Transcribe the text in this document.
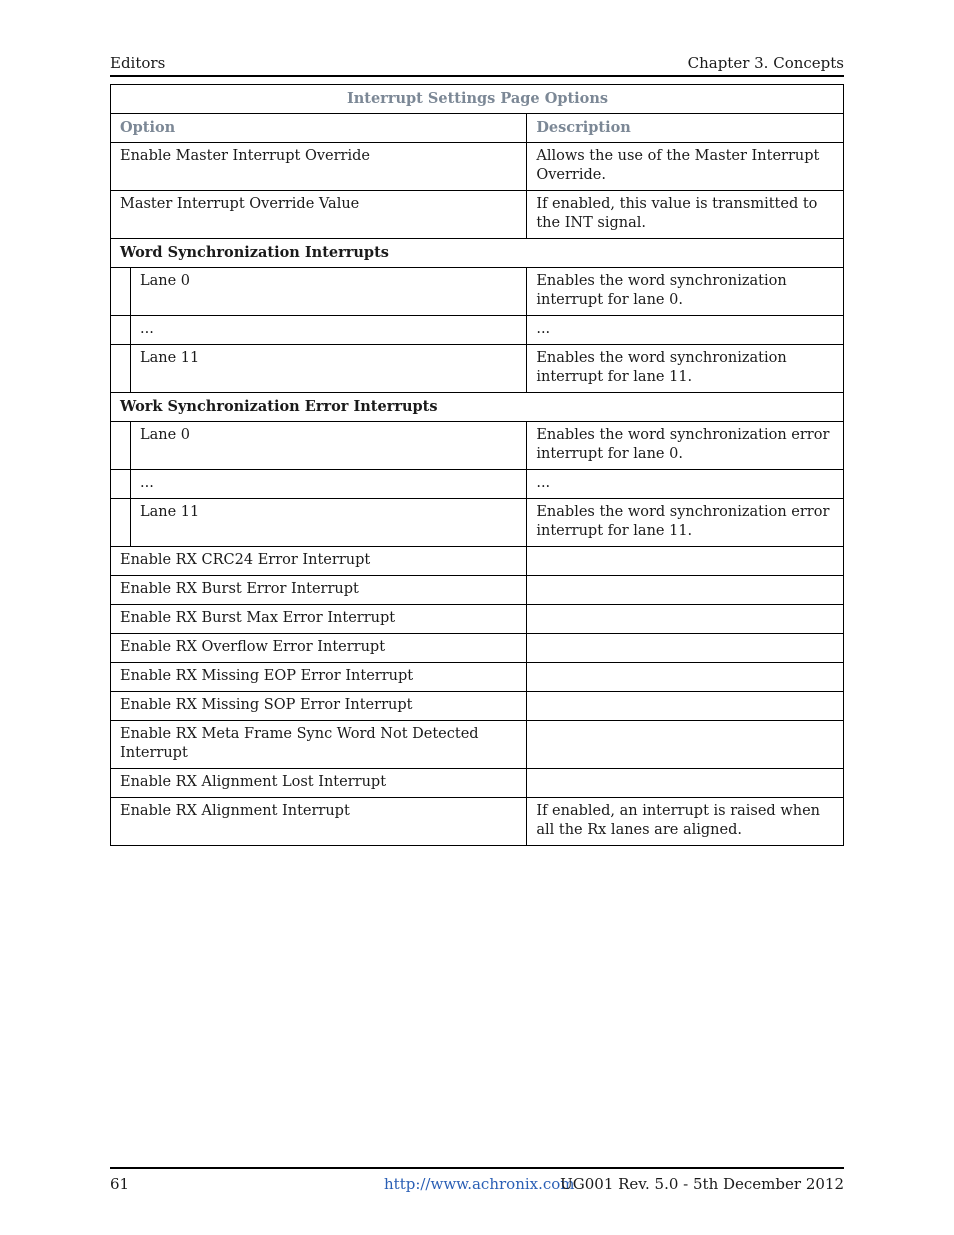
Editors	Chapter 3. Concepts
Interrupt Settings Page Options		
Option		Description
Enable Master Interrupt Override		Allows the use of the Master Interrupt Override.
Master Interrupt Override Value		If enabled, this value is transmitted to the INT signal.
Word Synchronization Interrupts		
	Lane 0	Enables the word synchronization interrupt for lane 0.
	...	...
	Lane 11	Enables the word synchronization interrupt for lane 11.
Work Synchronization Error Interrupts		
	Lane 0	Enables the word synchronization error interrupt for lane 0.
	...	...
	Lane 11	Enables the word synchronization error interrupt for lane 11.
Enable RX CRC24 Error Interrupt		
Enable RX Burst Error Interrupt		
Enable RX Burst Max Error Interrupt		
Enable RX Overflow Error Interrupt		
Enable RX Missing EOP Error Interrupt		
Enable RX Missing SOP Error Interrupt		
Enable RX Meta Frame Sync Word Not Detected Interrupt		
Enable RX Alignment Lost Interrupt		
Enable RX Alignment Interrupt		If enabled, an interrupt is raised when all the Rx lanes are aligned.
61	http://www.achronix.com
UG001 Rev. 5.0 - 5th December 2012
